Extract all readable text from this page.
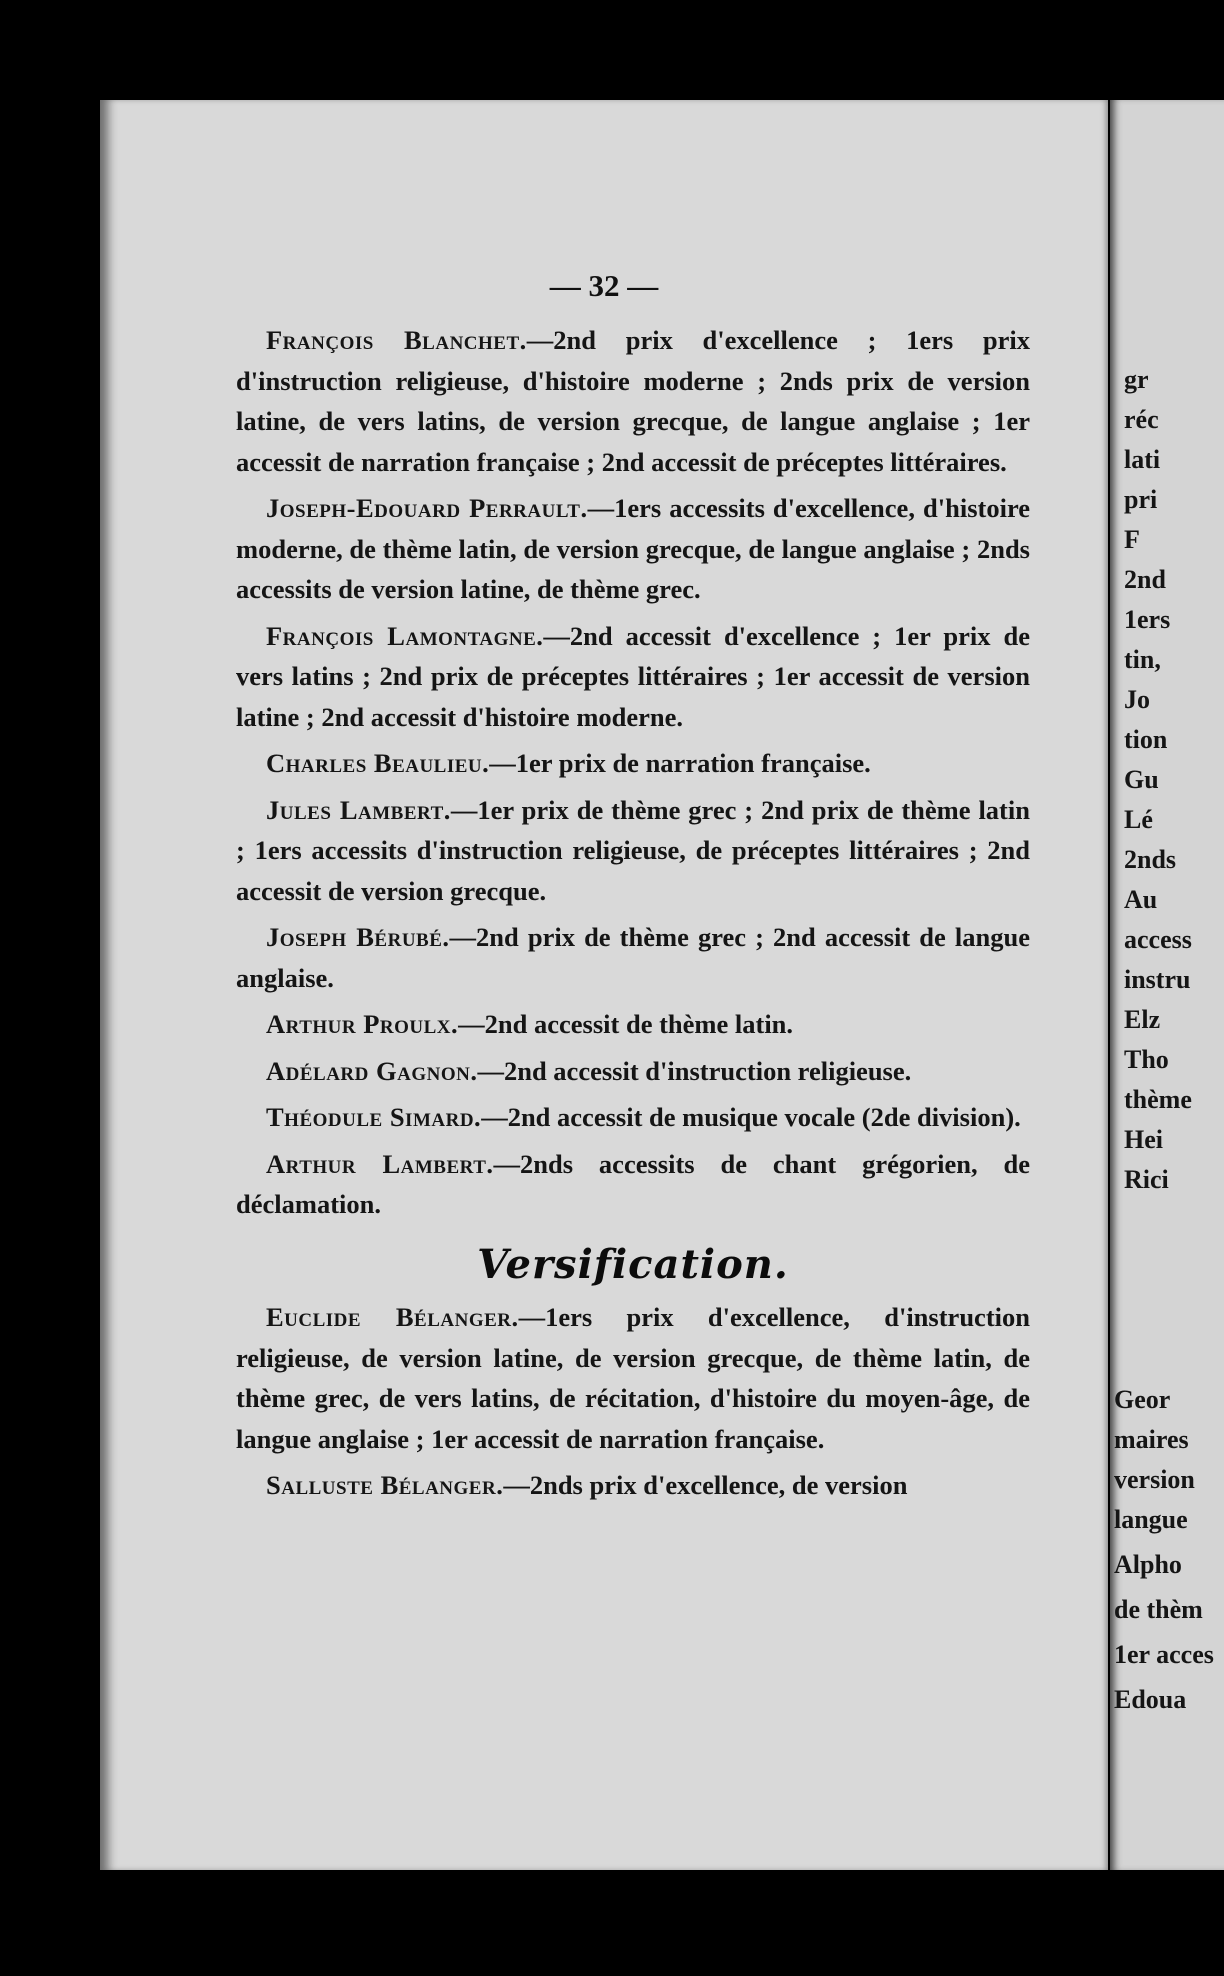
— 32 —

François Blanchet.—2nd prix d'excellence ; 1ers prix d'instruction religieuse, d'histoire moderne ; 2nds prix de version latine, de vers latins, de version grecque, de langue anglaise ; 1er accessit de narration française ; 2nd accessit de préceptes littéraires.

Joseph-Edouard Perrault.—1ers accessits d'excellence, d'histoire moderne, de thème latin, de version grecque, de langue anglaise ; 2nds accessits de version latine, de thème grec.

François Lamontagne.—2nd accessit d'excellence ; 1er prix de vers latins ; 2nd prix de préceptes littéraires ; 1er accessit de version latine ; 2nd accessit d'histoire moderne.

Charles Beaulieu.—1er prix de narration française.

Jules Lambert.—1er prix de thème grec ; 2nd prix de thème latin ; 1ers accessits d'instruction religieuse, de préceptes littéraires ; 2nd accessit de version grecque.

Joseph Bérubé.—2nd prix de thème grec ; 2nd accessit de langue anglaise.

Arthur Proulx.—2nd accessit de thème latin.

Adélard Gagnon.—2nd accessit d'instruction religieuse.

Théodule Simard.—2nd accessit de musique vocale (2de division).

Arthur Lambert.—2nds accessits de chant grégorien, de déclamation.

Versification.

Euclide Bélanger.—1ers prix d'excellence, d'instruction religieuse, de version latine, de version grecque, de thème latin, de thème grec, de vers latins, de récitation, d'histoire du moyen-âge, de langue anglaise ; 1er accessit de narration française.

Salluste Bélanger.—2nds prix d'excellence, de version

gr
réc
lati
pri
F
2nd
1ers
tin,
Jo
tion
Gu
Lé
2nds
Au
access
instru
Elz
Tho
thème
Hei
Rici
Geor
maires
version
langue
Alpho
de thèm
1er acces
Edoua
